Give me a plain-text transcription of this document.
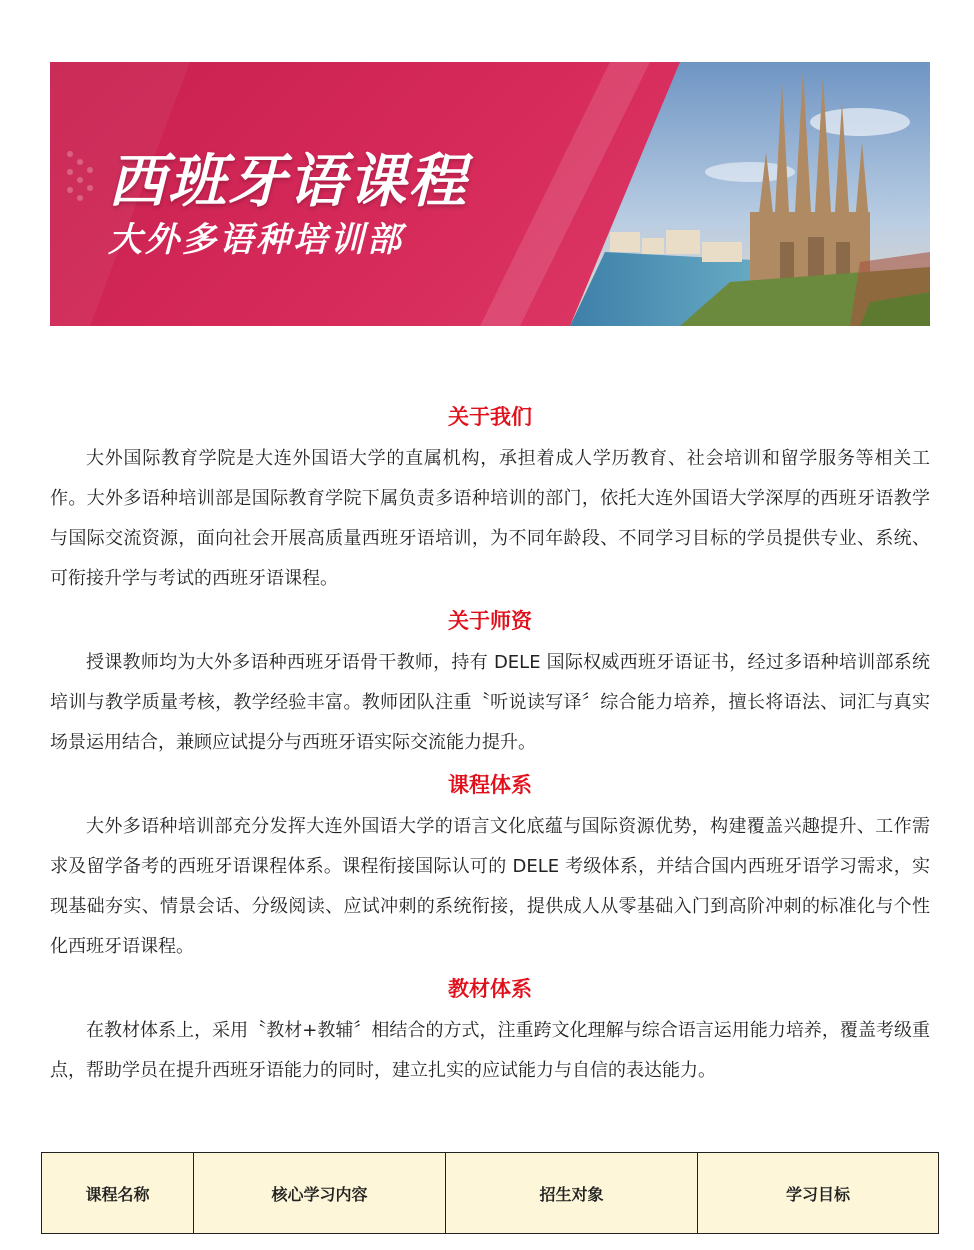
西班牙语课程
大外多语种培训部
关于我们

大外国际教育学院是大连外国语大学的直属机构，承担着成人学历教育、社会培训和留学服务等相关工作。大外多语种培训部是国际教育学院下属负责多语种培训的部门，依托大连外国语大学深厚的西班牙语教学与国际交流资源，面向社会开展高质量西班牙语培训，为不同年龄段、不同学习目标的学员提供专业、系统、可衔接升学与考试的西班牙语课程。

关于师资

授课教师均为大外多语种西班牙语骨干教师，持有 DELE 国际权威西班牙语证书，经过多语种培训部系统培训与教学质量考核，教学经验丰富。教师团队注重〝听说读写译〞综合能力培养，擅长将语法、词汇与真实场景运用结合，兼顾应试提分与西班牙语实际交流能力提升。

课程体系

大外多语种培训部充分发挥大连外国语大学的语言文化底蕴与国际资源优势，构建覆盖兴趣提升、工作需求及留学备考的西班牙语课程体系。课程衔接国际认可的 DELE 考级体系，并结合国内西班牙语学习需求，实现基础夯实、情景会话、分级阅读、应试冲刺的系统衔接，提供成人从零基础入门到高阶冲刺的标准化与个性化西班牙语课程。

教材体系

在教材体系上，采用〝教材+教辅〞相结合的方式，注重跨文化理解与综合语言运用能力培养，覆盖考级重点，帮助学员在提升西班牙语能力的同时，建立扎实的应试能力与自信的表达能力。

课程名称	核心学习内容	招生对象	学习目标
